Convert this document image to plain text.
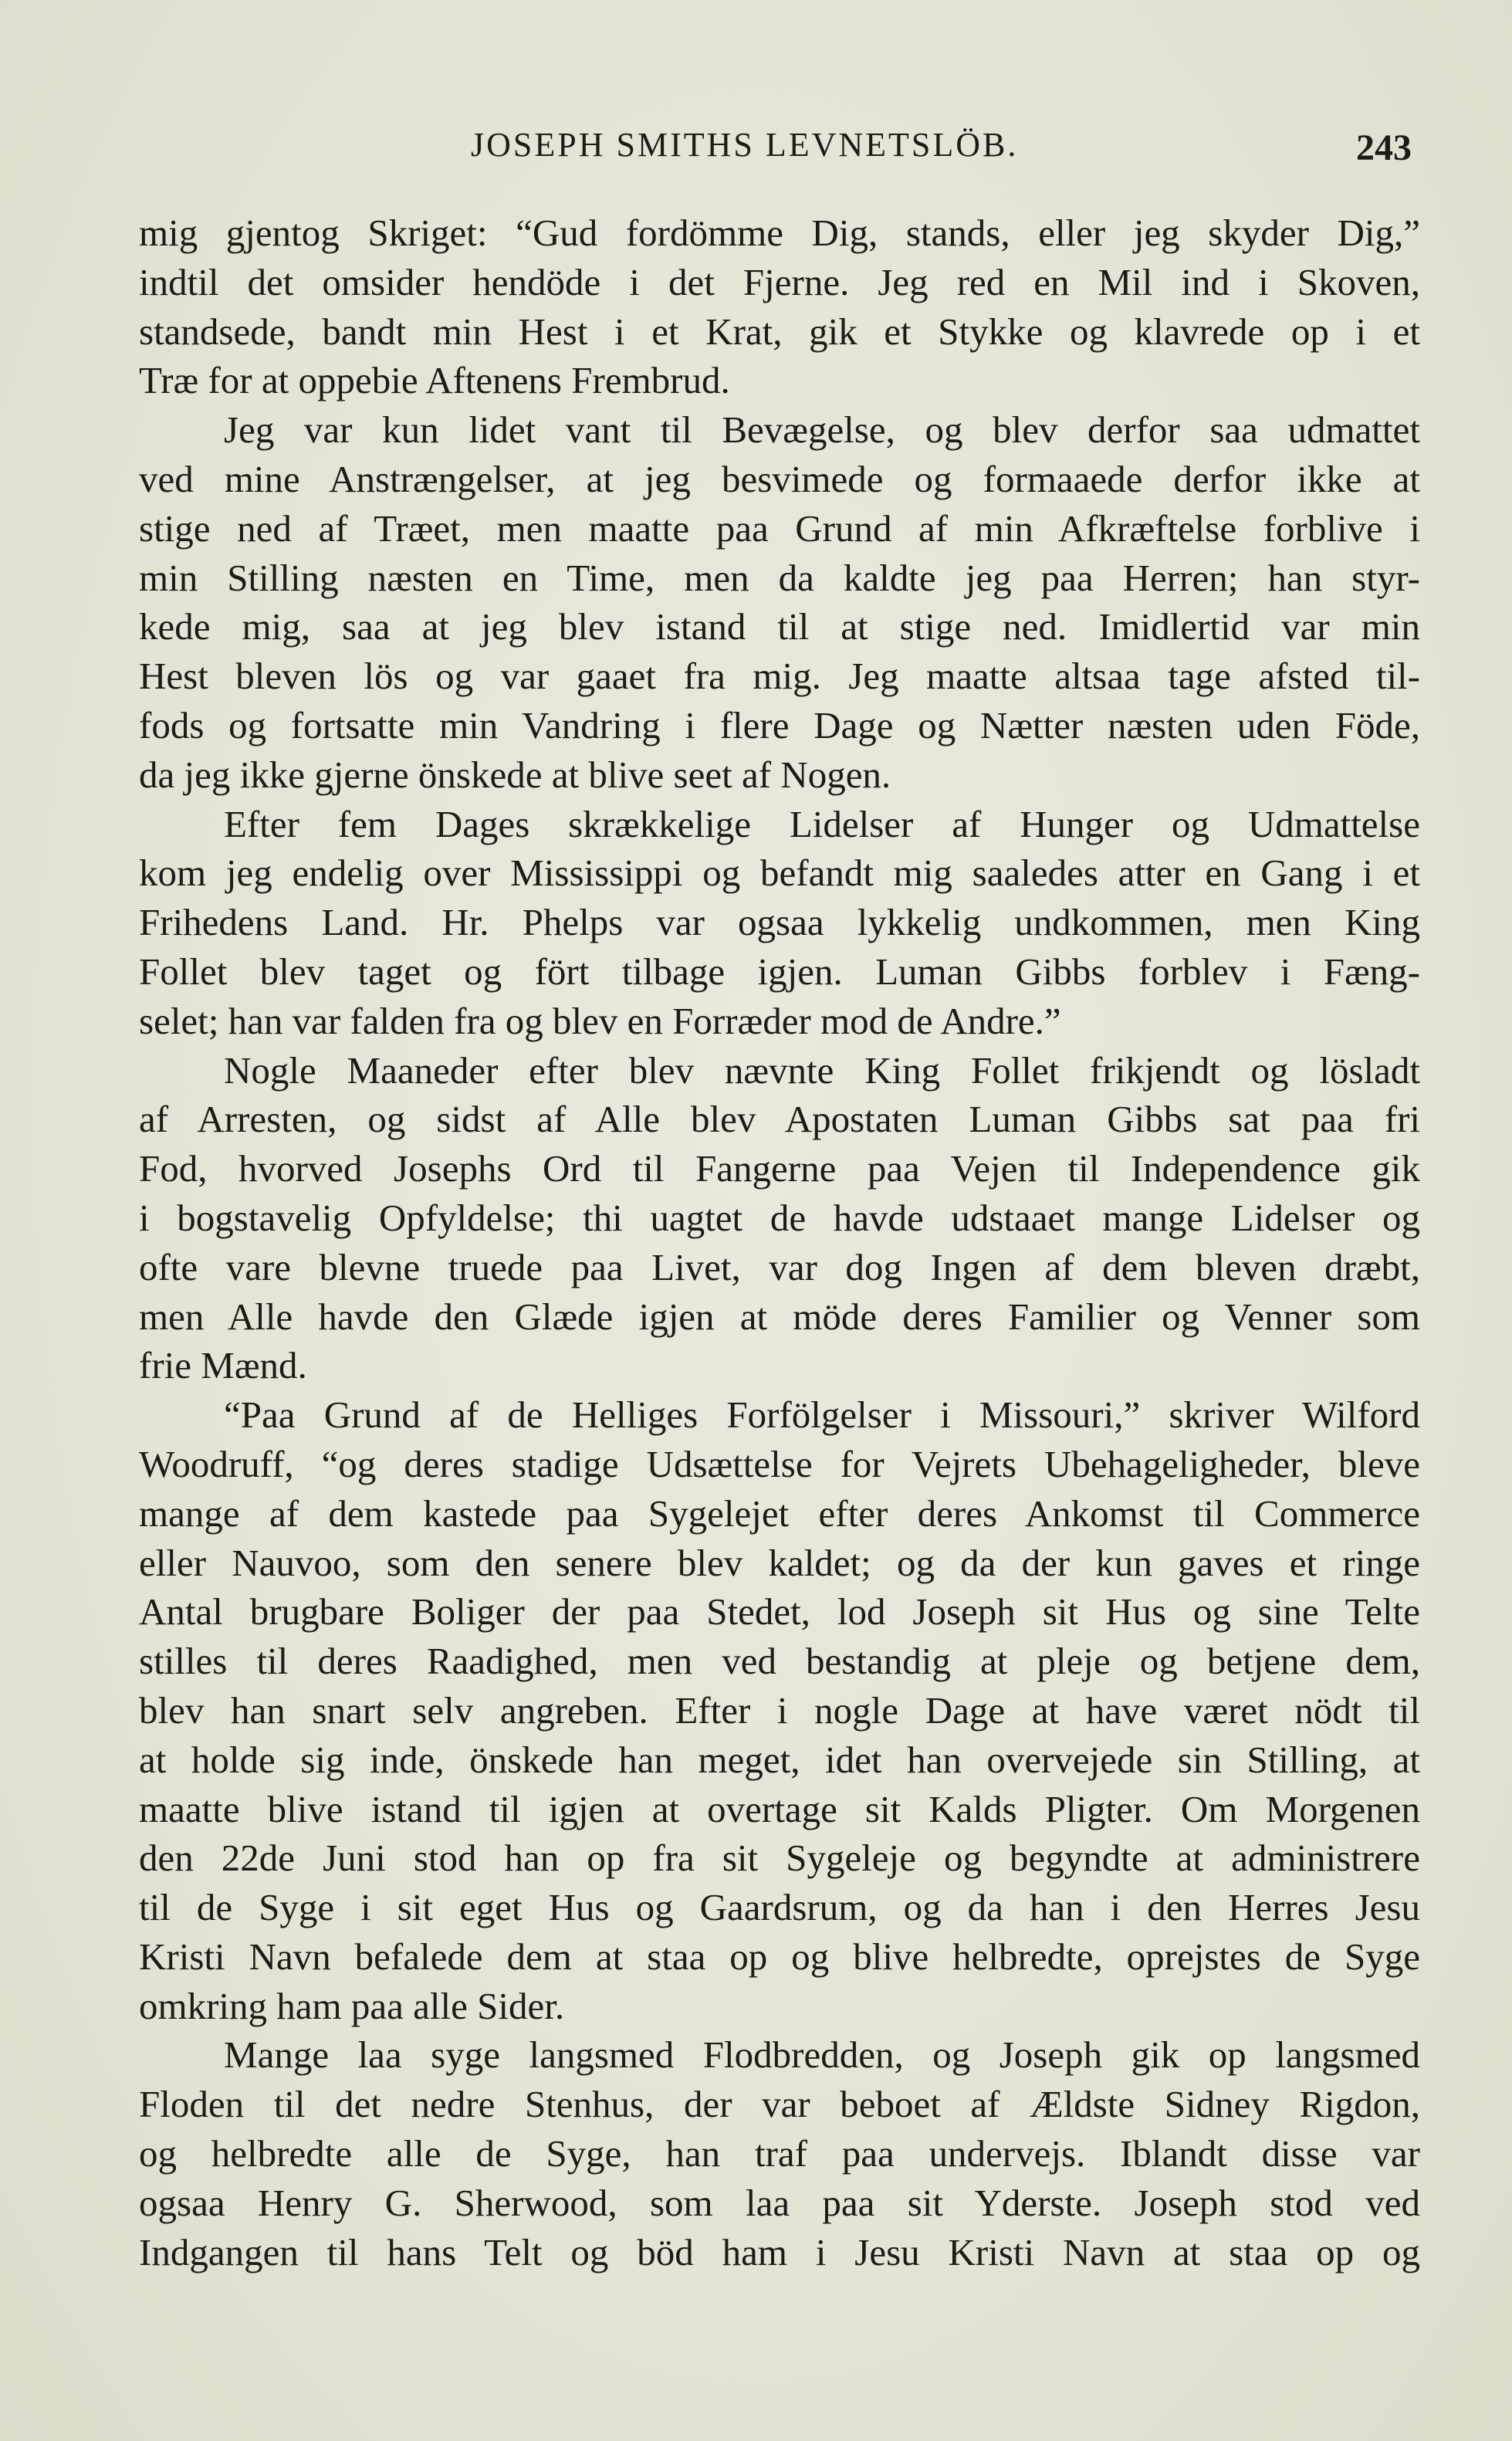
JOSEPH SMITHS LEVNETSLÖB.	243
mig gjentog Skriget: “Gud fordömme Dig, stands, eller jeg skyder Dig,”
indtil det omsider hendöde i det Fjerne. Jeg red en Mil ind i Skoven,
standsede, bandt min Hest i et Krat, gik et Stykke og klavrede op i et
Træ for at oppebie Aftenens Frembrud.
Jeg var kun lidet vant til Bevægelse, og blev derfor saa udmattet
ved mine Anstrængelser, at jeg besvimede og formaaede derfor ikke at
stige ned af Træet, men maatte paa Grund af min Afkræftelse forblive i
min Stilling næsten en Time, men da kaldte jeg paa Herren; han styr-
kede mig, saa at jeg blev istand til at stige ned. Imidlertid var min
Hest bleven lös og var gaaet fra mig. Jeg maatte altsaa tage afsted til-
fods og fortsatte min Vandring i flere Dage og Nætter næsten uden Föde,
da jeg ikke gjerne önskede at blive seet af Nogen.
Efter fem Dages skrækkelige Lidelser af Hunger og Udmattelse
kom jeg endelig over Mississippi og befandt mig saaledes atter en Gang i et
Frihedens Land. Hr. Phelps var ogsaa lykkelig undkommen, men King
Follet blev taget og fört tilbage igjen. Luman Gibbs forblev i Fæng-
selet; han var falden fra og blev en Forræder mod de Andre.”
Nogle Maaneder efter blev nævnte King Follet frikjendt og lösladt
af Arresten, og sidst af Alle blev Apostaten Luman Gibbs sat paa fri
Fod, hvorved Josephs Ord til Fangerne paa Vejen til Independence gik
i bogstavelig Opfyldelse; thi uagtet de havde udstaaet mange Lidelser og
ofte vare blevne truede paa Livet, var dog Ingen af dem bleven dræbt,
men Alle havde den Glæde igjen at möde deres Familier og Venner som
frie Mænd.
“Paa Grund af de Helliges Forfölgelser i Missouri,” skriver Wilford
Woodruff, “og deres stadige Udsættelse for Vejrets Ubehageligheder, bleve
mange af dem kastede paa Sygelejet efter deres Ankomst til Commerce
eller Nauvoo, som den senere blev kaldet; og da der kun gaves et ringe
Antal brugbare Boliger der paa Stedet, lod Joseph sit Hus og sine Telte
stilles til deres Raadighed, men ved bestandig at pleje og betjene dem,
blev han snart selv angreben. Efter i nogle Dage at have været nödt til
at holde sig inde, önskede han meget, idet han overvejede sin Stilling, at
maatte blive istand til igjen at overtage sit Kalds Pligter. Om Morgenen
den 22de Juni stod han op fra sit Sygeleje og begyndte at administrere
til de Syge i sit eget Hus og Gaardsrum, og da han i den Herres Jesu
Kristi Navn befalede dem at staa op og blive helbredte, oprejstes de Syge
omkring ham paa alle Sider.
Mange laa syge langsmed Flodbredden, og Joseph gik op langsmed
Floden til det nedre Stenhus, der var beboet af Ældste Sidney Rigdon,
og helbredte alle de Syge, han traf paa undervejs. Iblandt disse var
ogsaa Henry G. Sherwood, som laa paa sit Yderste. Joseph stod ved
Indgangen til hans Telt og böd ham i Jesu Kristi Navn at staa op og
